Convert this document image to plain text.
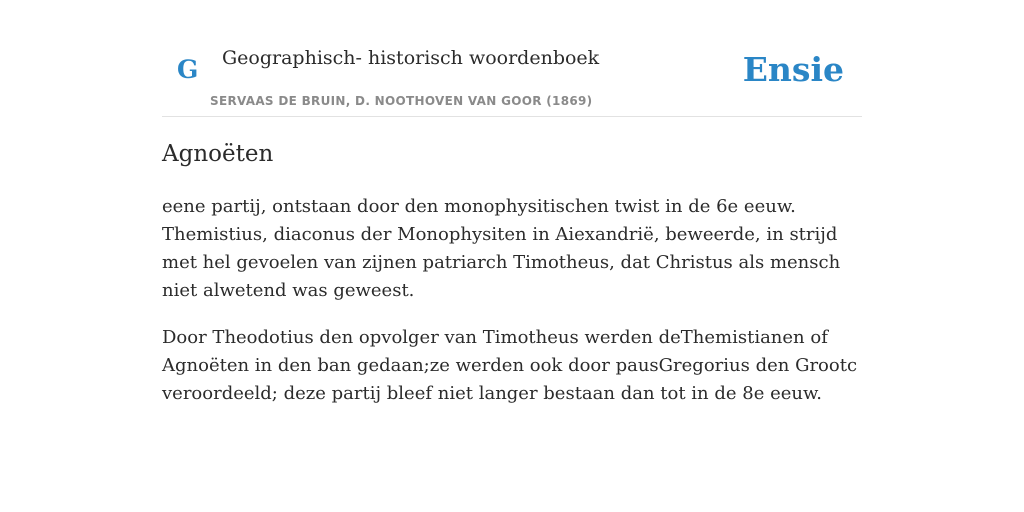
G Geographisch- historisch woordenboek
SERVAAS DE BRUIN, D. NOOTHOVEN VAN GOOR (1869)
Ensie
Agnoëten

eene partij, ontstaan door den monophysitischen twist in de 6e eeuw. Themistius, diaconus der Monophysiten in Aiexandrië, beweerde, in strijd met hel gevoelen van zijnen patriarch Timotheus, dat Christus als mensch niet alwetend was geweest.

Door Theodotius den opvolger van Timotheus werden deThemistianen of Agnoëten in den ban gedaan;ze werden ook door pausGregorius den Grootc veroordeeld; deze partij bleef niet langer bestaan dan tot in de 8e eeuw.
